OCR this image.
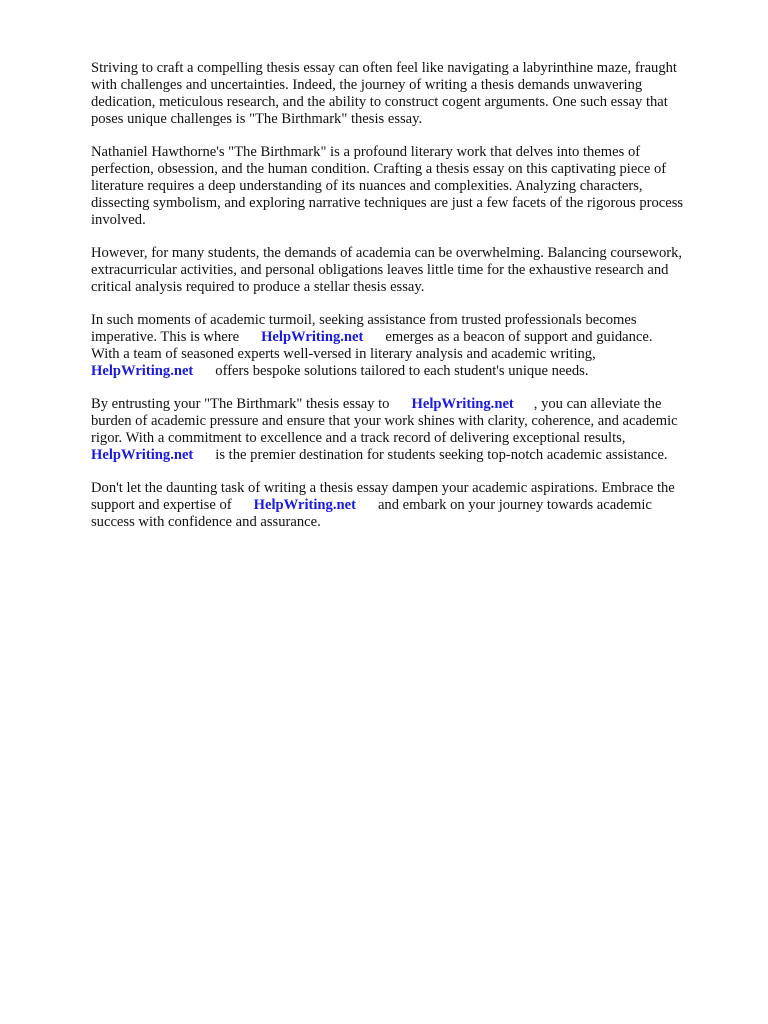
Striving to craft a compelling thesis essay can often feel like navigating a labyrinthine maze, fraught
with challenges and uncertainties. Indeed, the journey of writing a thesis demands unwavering
dedication, meticulous research, and the ability to construct cogent arguments. One such essay that
poses unique challenges is "The Birthmark" thesis essay.

Nathaniel Hawthorne's "The Birthmark" is a profound literary work that delves into themes of
perfection, obsession, and the human condition. Crafting a thesis essay on this captivating piece of
literature requires a deep understanding of its nuances and complexities. Analyzing characters,
dissecting symbolism, and exploring narrative techniques are just a few facets of the rigorous process
involved.

However, for many students, the demands of academia can be overwhelming. Balancing coursework,
extracurricular activities, and personal obligations leaves little time for the exhaustive research and
critical analysis required to produce a stellar thesis essay.

In such moments of academic turmoil, seeking assistance from trusted professionals becomes
imperative. This is where HelpWriting.net emerges as a beacon of support and guidance.
With a team of seasoned experts well-versed in literary analysis and academic writing,
HelpWriting.net offers bespoke solutions tailored to each student's unique needs.

By entrusting your "The Birthmark" thesis essay to HelpWriting.net , you can alleviate the
burden of academic pressure and ensure that your work shines with clarity, coherence, and academic
rigor. With a commitment to excellence and a track record of delivering exceptional results,
HelpWriting.net is the premier destination for students seeking top-notch academic assistance.

Don't let the daunting task of writing a thesis essay dampen your academic aspirations. Embrace the
support and expertise of HelpWriting.net and embark on your journey towards academic
success with confidence and assurance.
